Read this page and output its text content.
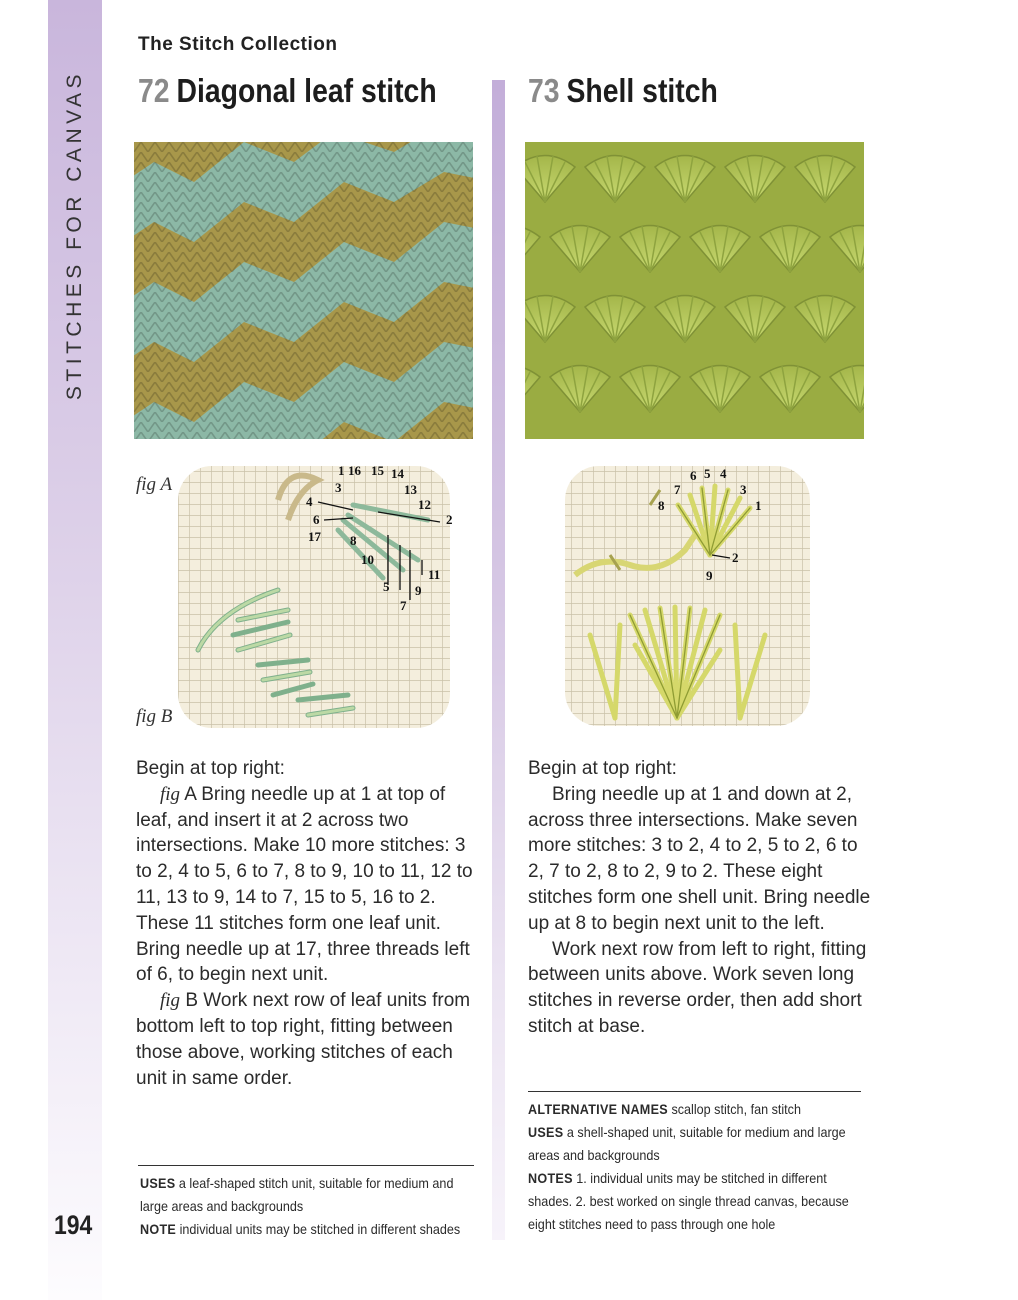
STITCHES FOR CANVAS
194
The Stitch Collection
72 Diagonal leaf stitch
fig A
fig B
1 16 15 14
3	13
12
2
4
6
17 8
10
11
5 9
7

Begin at top right:

fig A Bring needle up at 1 at top of leaf, and insert it at 2 across two intersections. Make 10 more stitches: 3 to 2, 4 to 5, 6 to 7, 8 to 9, 10 to 11, 12 to 11, 13 to 9, 14 to 7, 15 to 5, 16 to 2. These 11 stitches form one leaf unit. Bring needle up at 17, three threads left of 6, to begin next unit.

fig B Work next row of leaf units from bottom left to top right, fitting between those above, working stitches of each unit in same order.

USES a leaf-shaped stitch unit, suitable for medium and large areas and backgrounds

NOTE individual units may be stitched in different shades

73 Shell stitch
6 5 4
7	3
8	1
2
9

Begin at top right:

Bring needle up at 1 and down at 2, across three intersections. Make seven more stitches: 3 to 2, 4 to 2, 5 to 2, 6 to 2, 7 to 2, 8 to 2, 9 to 2. These eight stitches form one shell unit. Bring needle up at 8 to begin next unit to the left.

Work next row from left to right, fitting between units above. Work seven long stitches in reverse order, then add short stitch at base.

ALTERNATIVE NAMES scallop stitch, fan stitch

USES a shell-shaped unit, suitable for medium and large areas and backgrounds

NOTES 1. individual units may be stitched in different shades. 2. best worked on single thread canvas, because eight stitches need to pass through one hole
